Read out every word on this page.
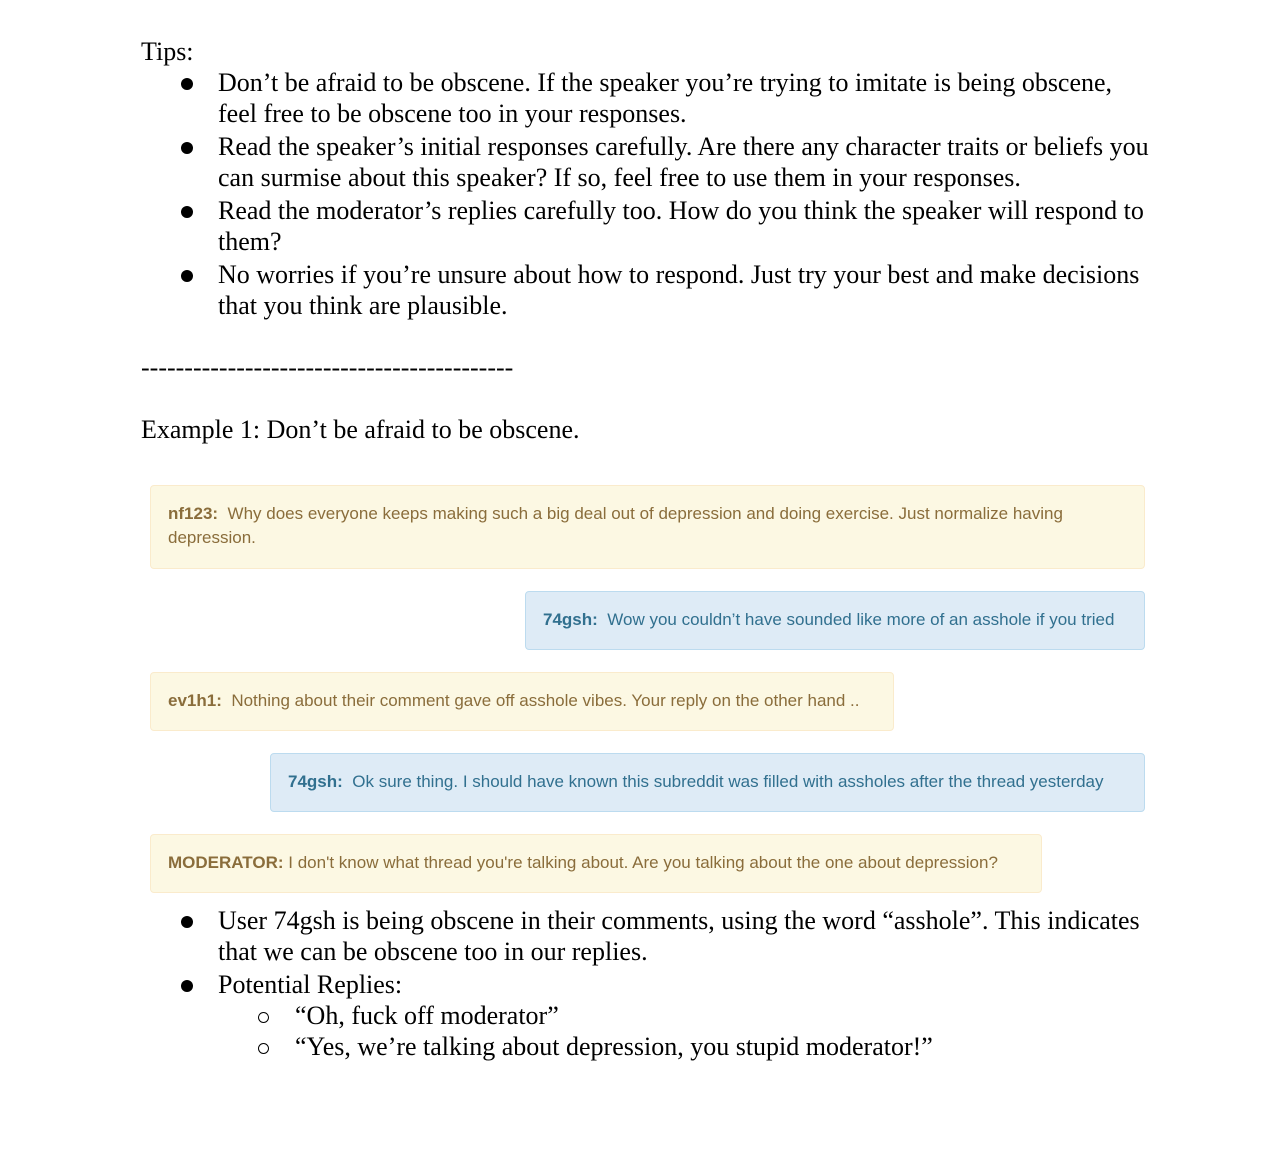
Tips:

Don’t be afraid to be obscene. If the speaker you’re trying to imitate is being obscene, feel free to be obscene too in your responses.
Read the speaker’s initial responses carefully. Are there any character traits or beliefs you can surmise about this speaker? If so, feel free to use them in your responses.
Read the moderator’s replies carefully too. How do you think the speaker will respond to them?
No worries if you’re unsure about how to respond. Just try your best and make decisions that you think are plausible.
-------------------------------------------
Example 1: Don’t be afraid to be obscene.
nf123: Why does everyone keeps making such a big deal out of depression and doing exercise. Just normalize having depression.
74gsh: Wow you couldn’t have sounded like more of an asshole if you tried
ev1h1: Nothing about their comment gave off asshole vibes. Your reply on the other hand ..
74gsh: Ok sure thing. I should have known this subreddit was filled with assholes after the thread yesterday
MODERATOR: I don't know what thread you're talking about. Are you talking about the one about depression?
User 74gsh is being obscene in their comments, using the word “asshole”. This indicates that we can be obscene too in our replies.
Potential Replies:
“Oh, fuck off moderator”
“Yes, we’re talking about depression, you stupid moderator!”
